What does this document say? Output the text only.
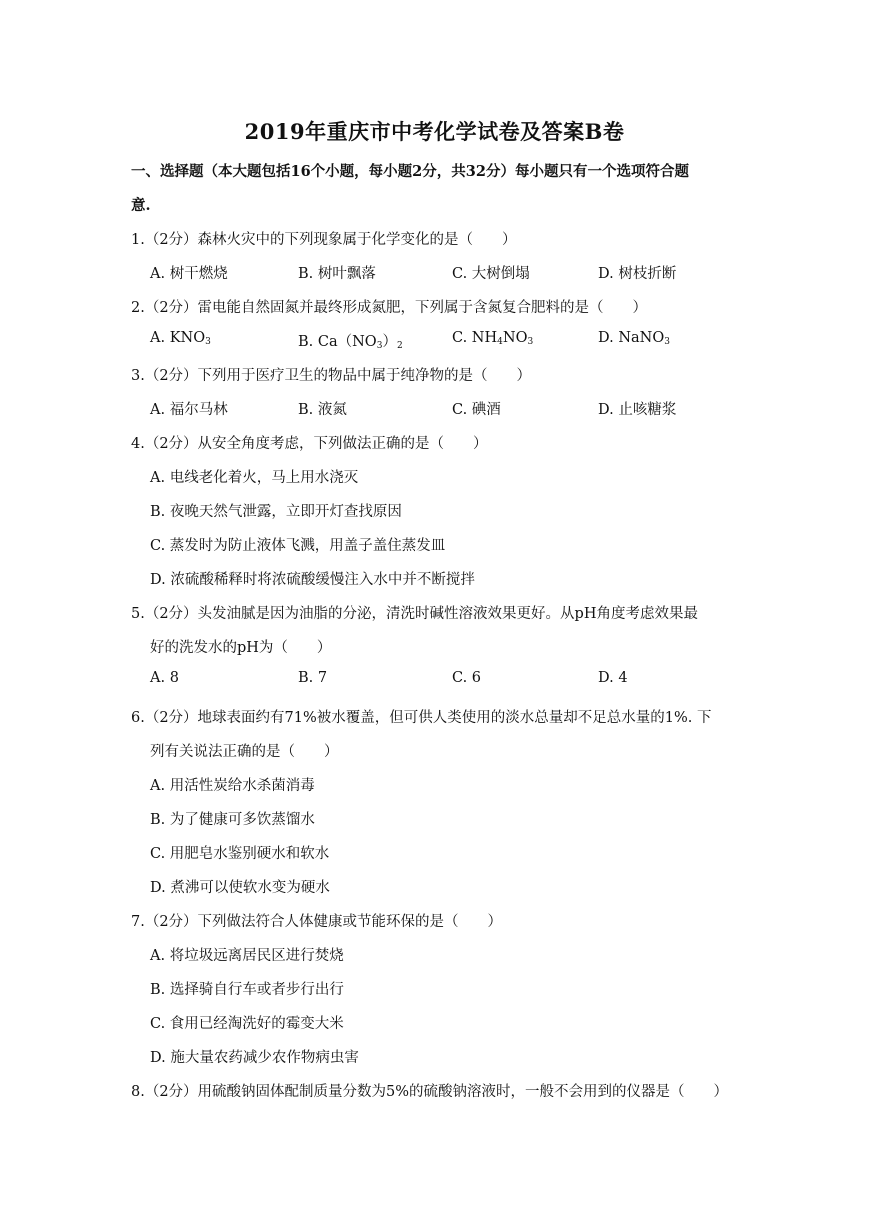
2019年重庆市中考化学试卷及答案B卷
一、选择题（本大题包括16个小题，每小题2分，共32分）每小题只有一个选项符合题
意.
1.（2分）森林火灾中的下列现象属于化学变化的是（　　）
A. 树干燃烧	B. 树叶飘落	C. 大树倒塌	D. 树枝折断
2.（2分）雷电能自然固氮并最终形成氮肥，下列属于含氮复合肥料的是（　　）
A. $KNO_3$	B. $Ca(NO_3)_2$	C. $NH_4NO_3$	D. NaNO$_3$
3.（2分）下列用于医疗卫生的物品中属于纯净物的是（　　）
A. 福尔马林	B. 液氮	C. 碘酒	D. 止咳糖浆
4.（2分）从安全角度考虑，下列做法正确的是（　　）
A. 电线老化着火，马上用水浇灭
B. 夜晚天然气泄露，立即开灯查找原因
C. 蒸发时为防止液体飞溅，用盖子盖住蒸发皿
D. 浓硫酸稀释时将浓硫酸缓慢注入水中并不断搅拌
5.（2分）头发油腻是因为油脂的分泌，清洗时碱性溶液效果更好。从pH角度考虑效果最
好的洗发水的pH为（　　）
A. 8	B. 7	C. 6	D. 4
6.（2分）地球表面约有71%被水覆盖，但可供人类使用的淡水总量却不足总水量的1%. 下
列有关说法正确的是（　　）
A. 用活性炭给水杀菌消毒
B. 为了健康可多饮蒸馏水
C. 用肥皂水鉴别硬水和软水
D. 煮沸可以使软水变为硬水
7.（2分）下列做法符合人体健康或节能环保的是（　　）
A. 将垃圾远离居民区进行焚烧
B. 选择骑自行车或者步行出行
C. 食用已经淘洗好的霉变大米
D. 施大量农药减少农作物病虫害
8.（2分）用硫酸钠固体配制质量分数为5%的硫酸钠溶液时，一般不会用到的仪器是（　　）
